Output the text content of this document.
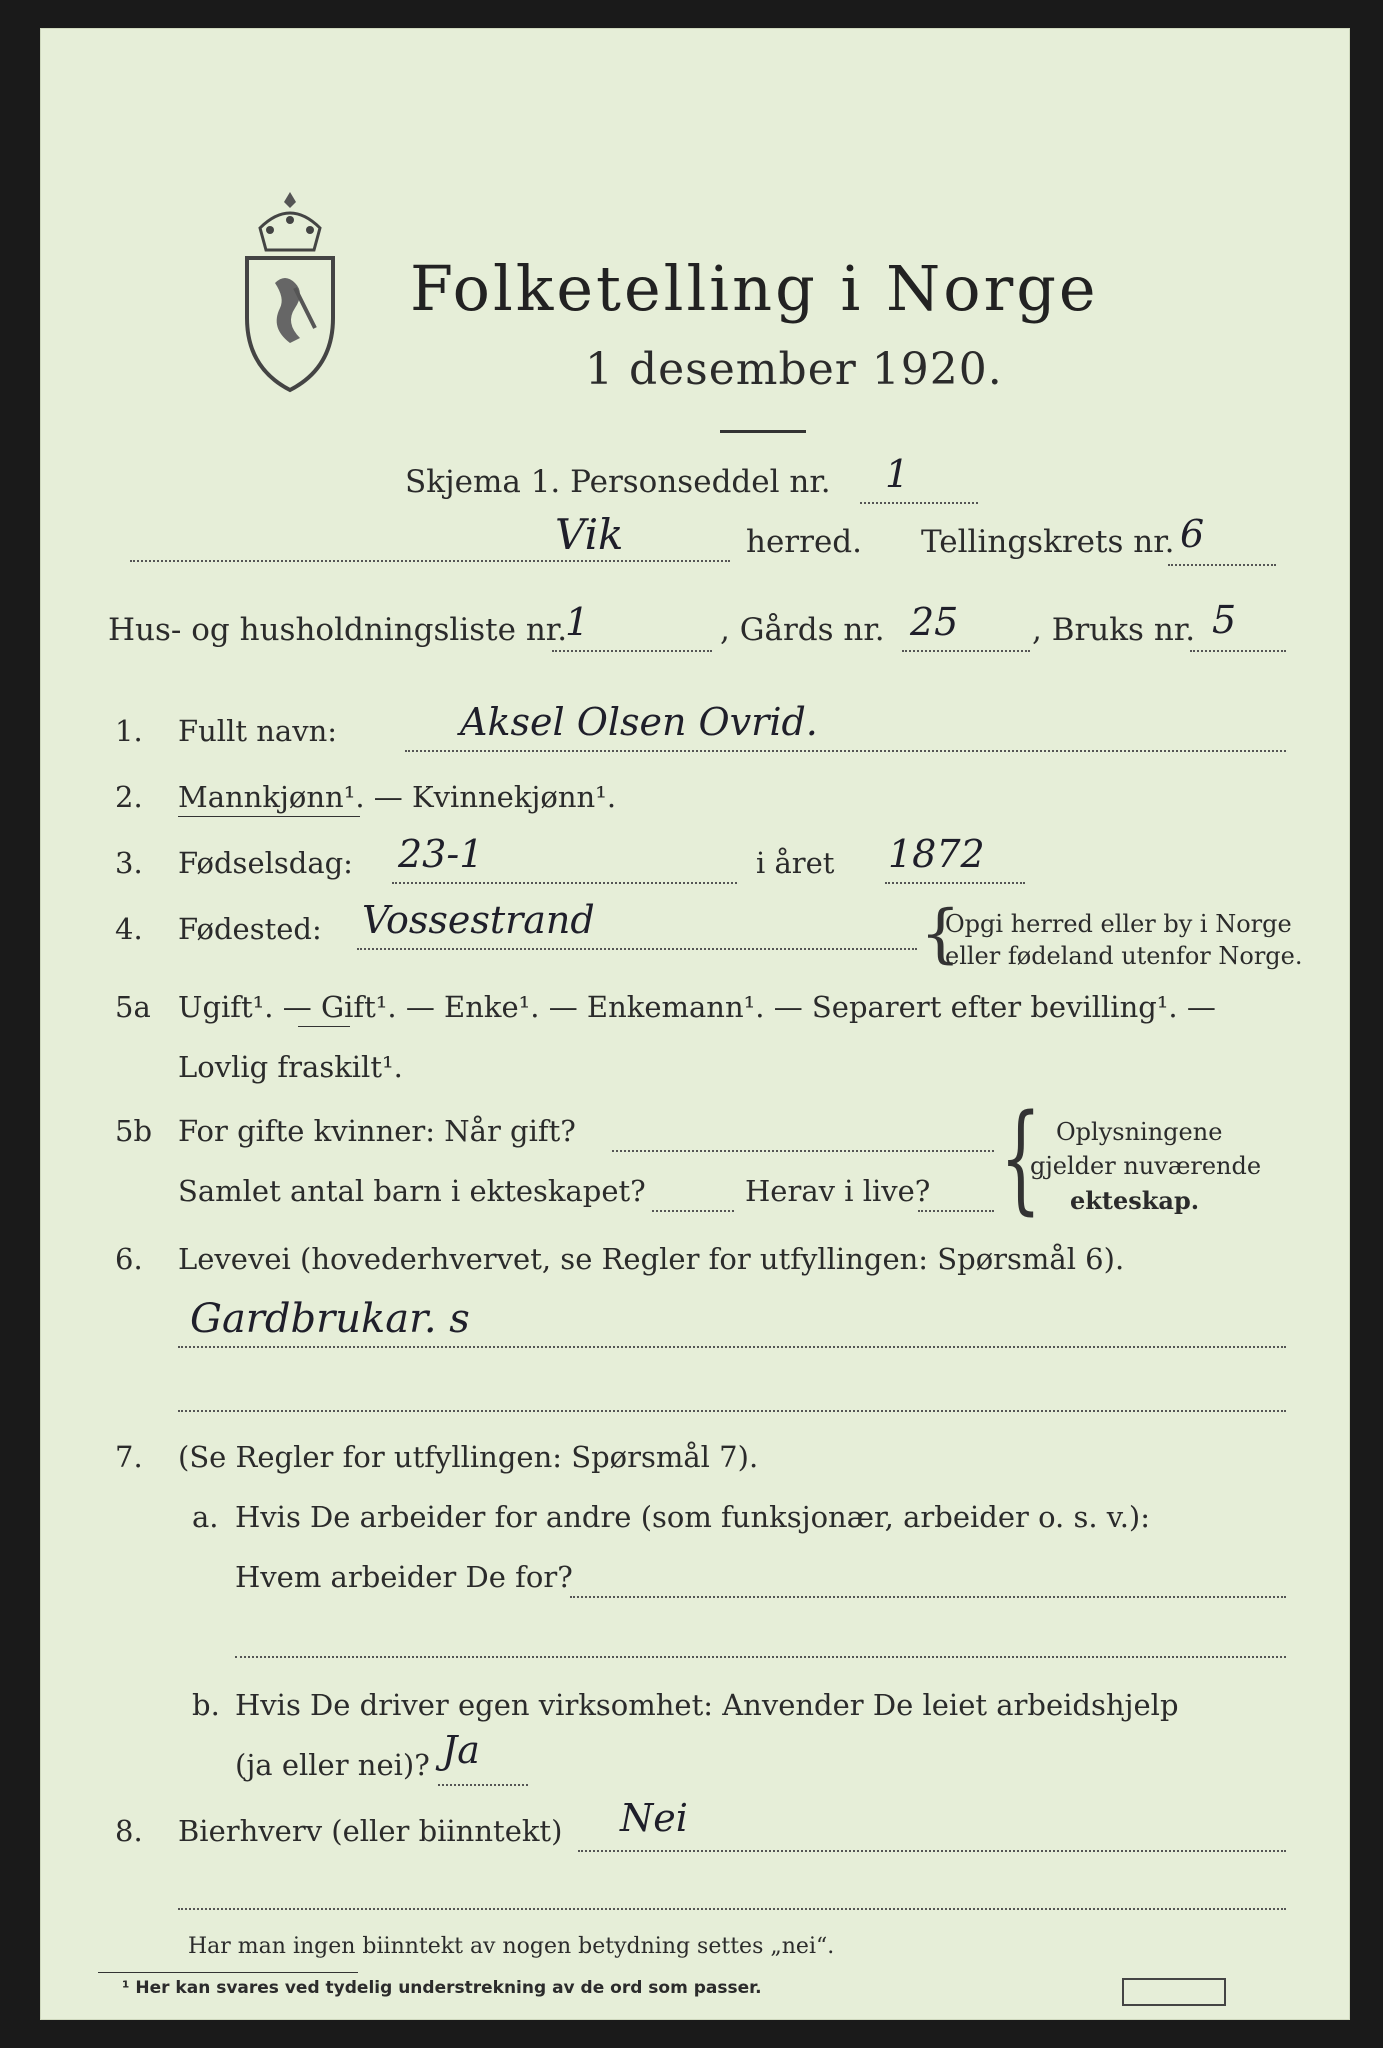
Folketelling i Norge
1 desember 1920.
Skjema 1. Personseddel nr. 1
Vik	herred. Tellingskrets nr. 6
Hus- og husholdningsliste nr.
1	, Gårds nr. 25 , Bruks nr. 5
1. Fullt navn:	Aksel Olsen Ovrid.
2. Mannkjønn¹. — Kvinnekjønn¹.
3. Fødselsdag: 23-1	i året 1872
4. Fødested: Vossestrand	{
Opgi herred eller by i Norge
eller fødeland utenfor Norge.
5a Ugift¹. — Gift¹. — Enke¹. — Enkemann¹. — Separert efter bevilling¹. —
Lovlig fraskilt¹.
5b For gifte kvinner: Når gift?
Samlet antal barn i ekteskapet?	Herav i live? { Oplysningene
gjelder nuværende
ekteskap.
6. Levevei (hovederhvervet, se Regler for utfyllingen: Spørsmål 6).
Gardbrukar. s
7. (Se Regler for utfyllingen: Spørsmål 7).
a. Hvis De arbeider for andre (som funksjonær, arbeider o. s. v.):
Hvem arbeider De for?
b. Hvis De driver egen virksomhet: Anvender De leiet arbeidshjelp
(ja eller nei)? Ja
8. Bierhverv (eller biinntekt) Nei
Har man ingen biinntekt av nogen betydning settes „nei“.
¹ Her kan svares ved tydelig understrekning av de ord som passer.
